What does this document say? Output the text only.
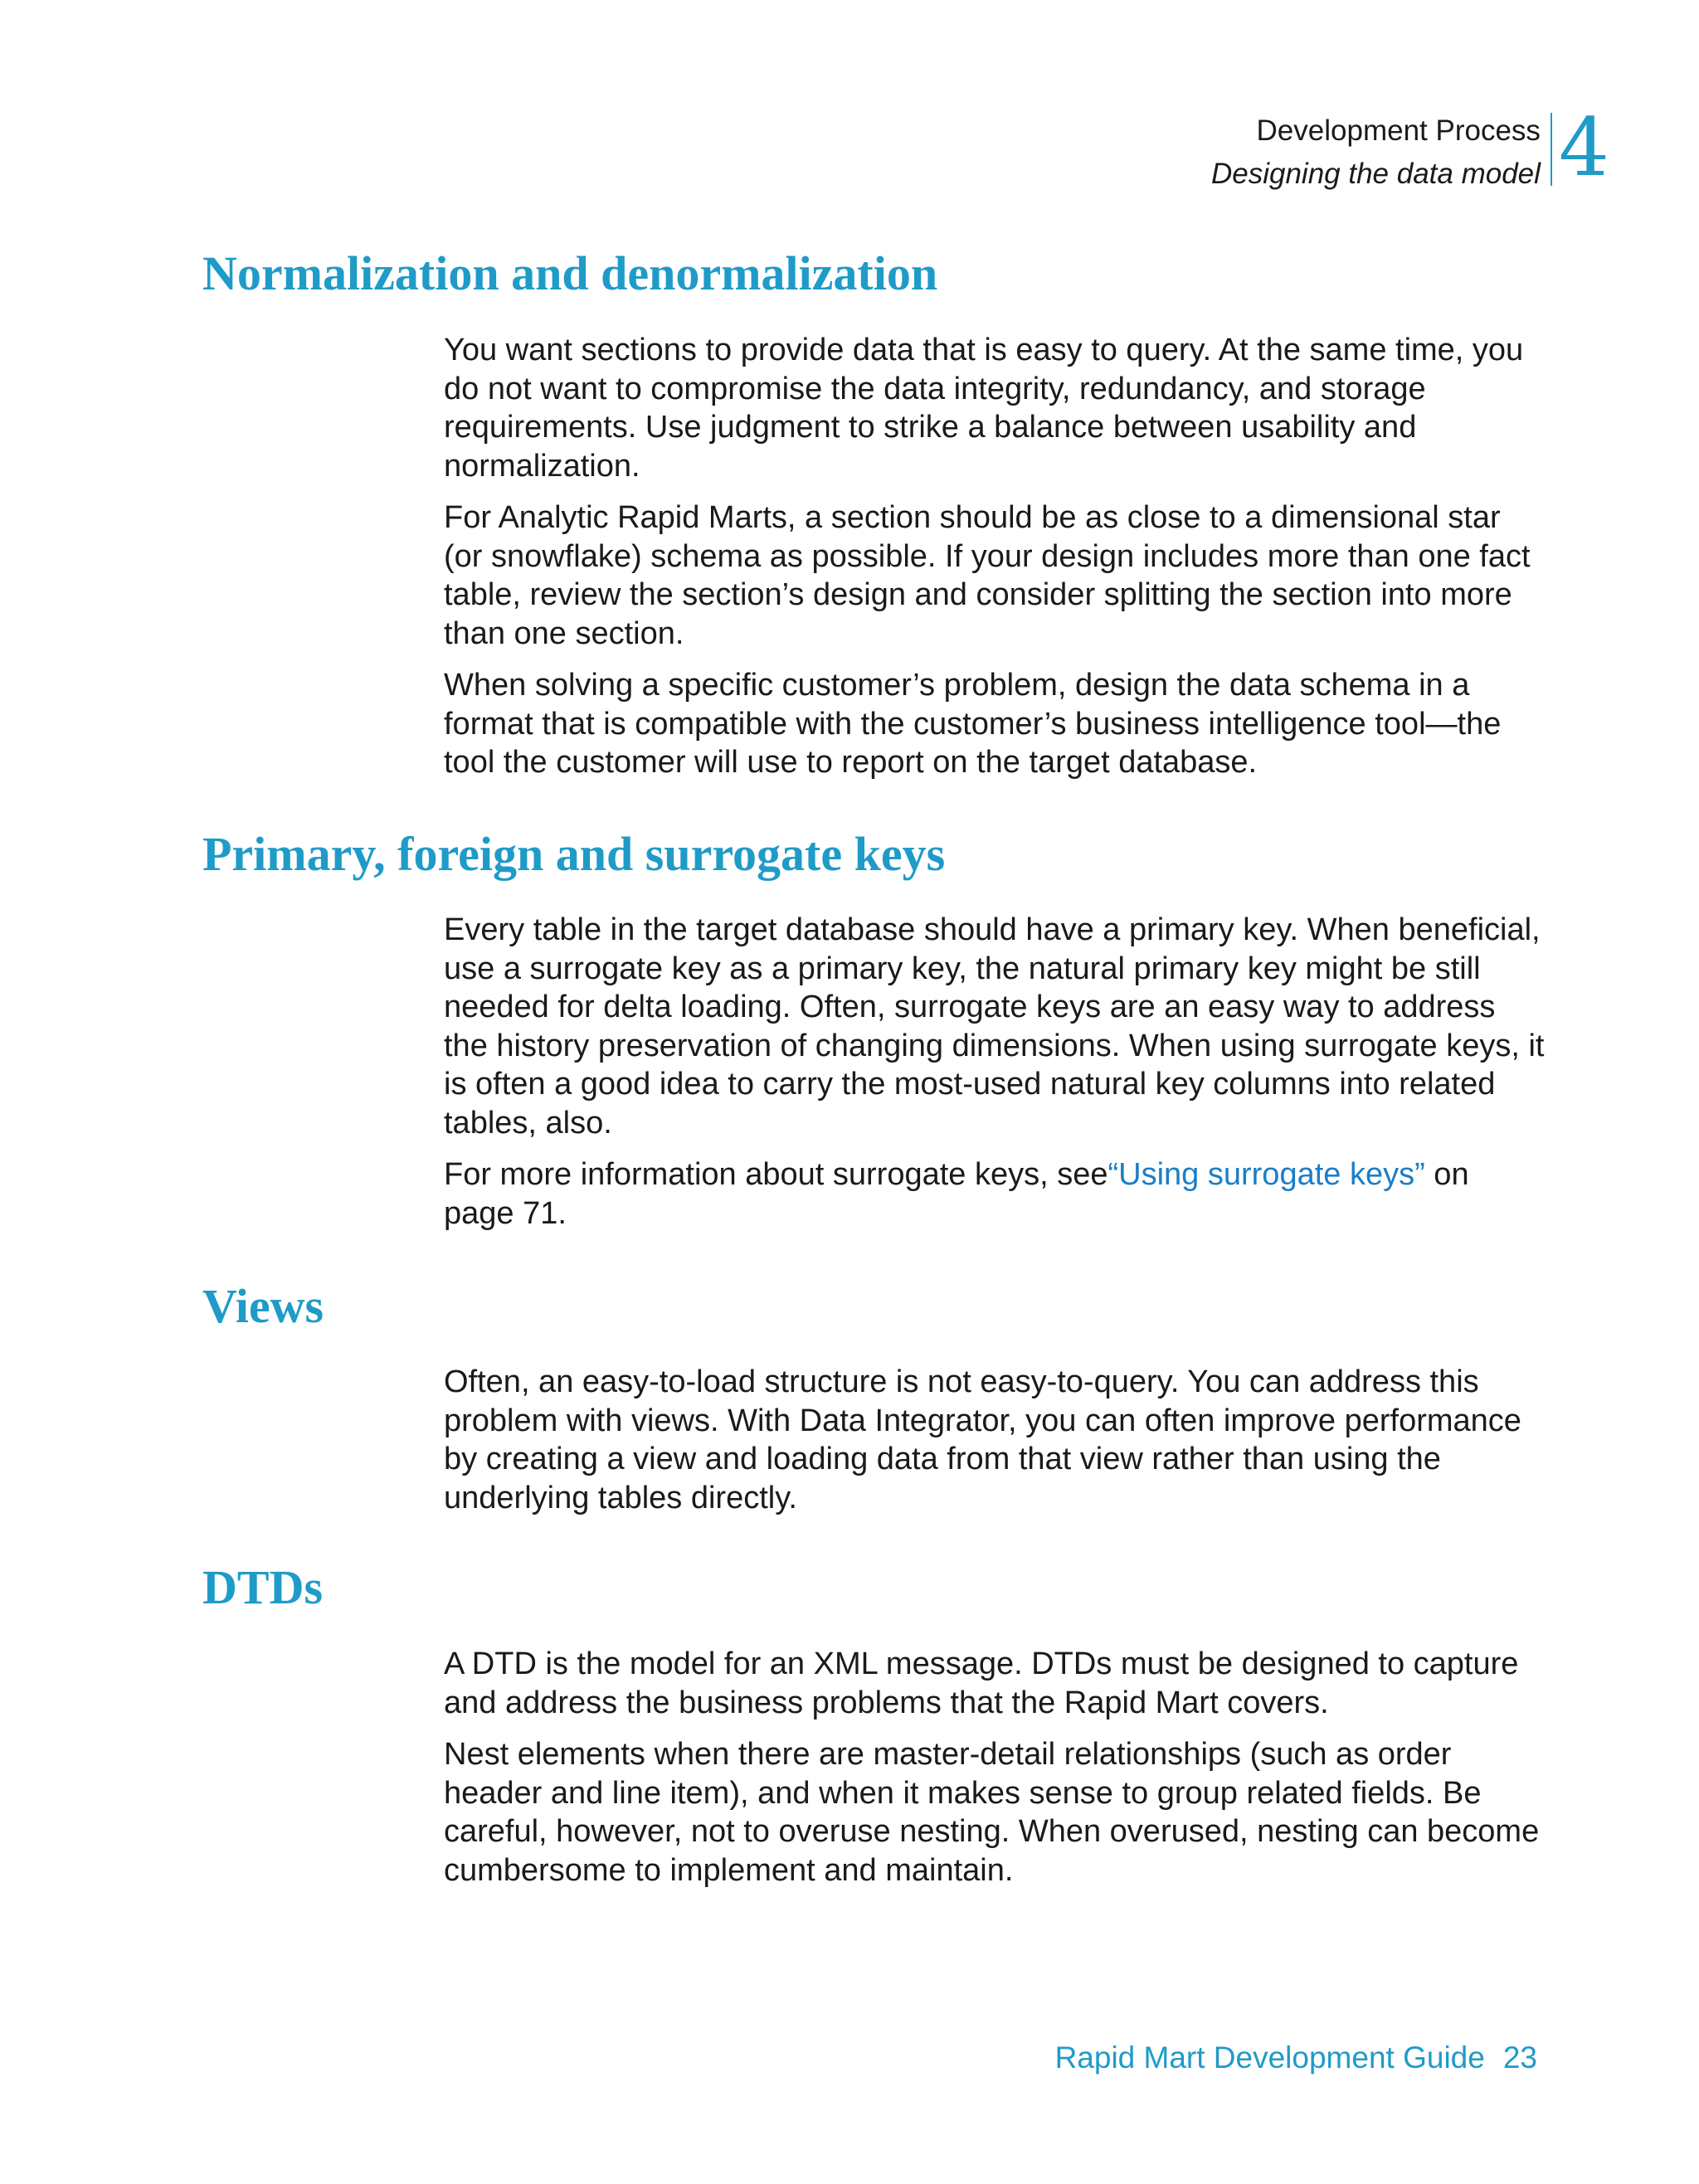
Development Process
Designing the data model 4
Normalization and denormalization

You want sections to provide data that is easy to query. At the same time, you do not want to compromise the data integrity, redundancy, and storage requirements. Use judgment to strike a balance between usability and normalization.

For Analytic Rapid Marts, a section should be as close to a dimensional star (or snowflake) schema as possible. If your design includes more than one fact table, review the section’s design and consider splitting the section into more than one section.

When solving a specific customer’s problem, design the data schema in a format that is compatible with the customer’s business intelligence tool—the tool the customer will use to report on the target database.

Primary, foreign and surrogate keys

Every table in the target database should have a primary key. When beneficial, use a surrogate key as a primary key, the natural primary key might be still needed for delta loading. Often, surrogate keys are an easy way to address the history preservation of changing dimensions. When using surrogate keys, it is often a good idea to carry the most-used natural key columns into related tables, also.

For more information about surrogate keys, see“Using surrogate keys” on page 71.

Views

Often, an easy-to-load structure is not easy-to-query. You can address this problem with views. With Data Integrator, you can often improve performance by creating a view and loading data from that view rather than using the underlying tables directly.

DTDs

A DTD is the model for an XML message. DTDs must be designed to capture and address the business problems that the Rapid Mart covers.

Nest elements when there are master-detail relationships (such as order header and line item), and when it makes sense to group related fields. Be careful, however, not to overuse nesting. When overused, nesting can become cumbersome to implement and maintain.

Rapid Mart Development Guide 23
